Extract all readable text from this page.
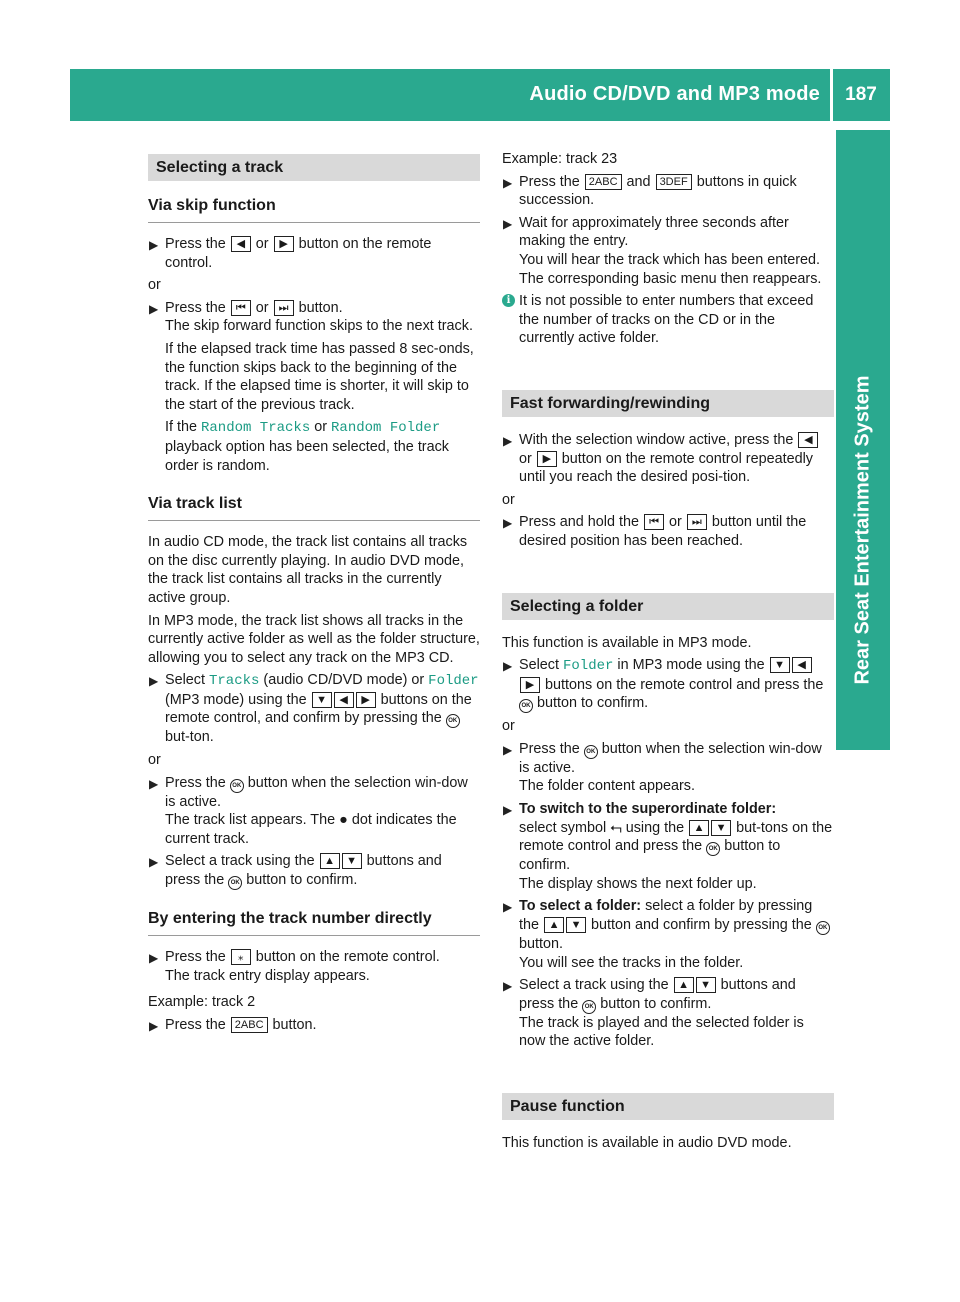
Audio CD/DVD and MP3 mode	187
Rear Seat Entertainment System
Selecting a track
Via skip function
▶ Press the ◀ or ▶ button on the remote control.
or
▶ Press the ⏮ or ⏭ button.
The skip forward function skips to the next track.
If the elapsed track time has passed 8 sec-onds, the function skips back to the beginning of the track. If the elapsed time is shorter, it will skip to the start of the previous track.
If the Random Tracks or Random Folder playback option has been selected, the track order is random.
Via track list
In audio CD mode, the track list contains all tracks on the disc currently playing. In audio DVD mode, the track list contains all tracks in the currently active group.
In MP3 mode, the track list shows all tracks in the currently active folder as well as the folder structure, allowing you to select any track on the MP3 CD.
▶ Select Tracks (audio CD/DVD mode) or Folder (MP3 mode) using the ▼ ◀ ▶ buttons on the remote control, and confirm by pressing the OK but-ton.
or
▶ Press the OK button when the selection win-dow is active.
The track list appears. The ● dot indicates the current track.
▶ Select a track using the ▲ ▼ buttons and press the OK button to confirm.
By entering the track number directly
▶ Press the ⁎ button on the remote control.
The track entry display appears.
Example: track 2
▶ Press the 2ABC button.
Example: track 23
▶ Press the 2ABC and 3DEF buttons in quick succession.
▶ Wait for approximately three seconds after making the entry.
You will hear the track which has been entered. The corresponding basic menu then reappears.
i It is not possible to enter numbers that exceed the number of tracks on the CD or in the currently active folder.
Fast forwarding/rewinding
▶ With the selection window active, press the ◀ or ▶ button on the remote control repeatedly until you reach the desired posi-tion.
or
▶ Press and hold the ⏮ or ⏭ button until the desired position has been reached.
Selecting a folder
This function is available in MP3 mode.
▶ Select Folder in MP3 mode using the ▼ ◀▶ buttons on the remote control and press the OK button to confirm.
or
▶ Press the OK button when the selection win-dow is active.
The folder content appears.
▶ To switch to the superordinate folder:
select symbol ⮢ using the ▲ ▼ but-tons on the remote control and press the OK button to confirm.
The display shows the next folder up.
▶ To select a folder: select a folder by pressing the ▲ ▼ button and confirm by pressing the OK button.
You will see the tracks in the folder.
▶ Select a track using the ▲ ▼ buttons and press the OK button to confirm.
The track is played and the selected folder is now the active folder.
Pause function
This function is available in audio DVD mode.
